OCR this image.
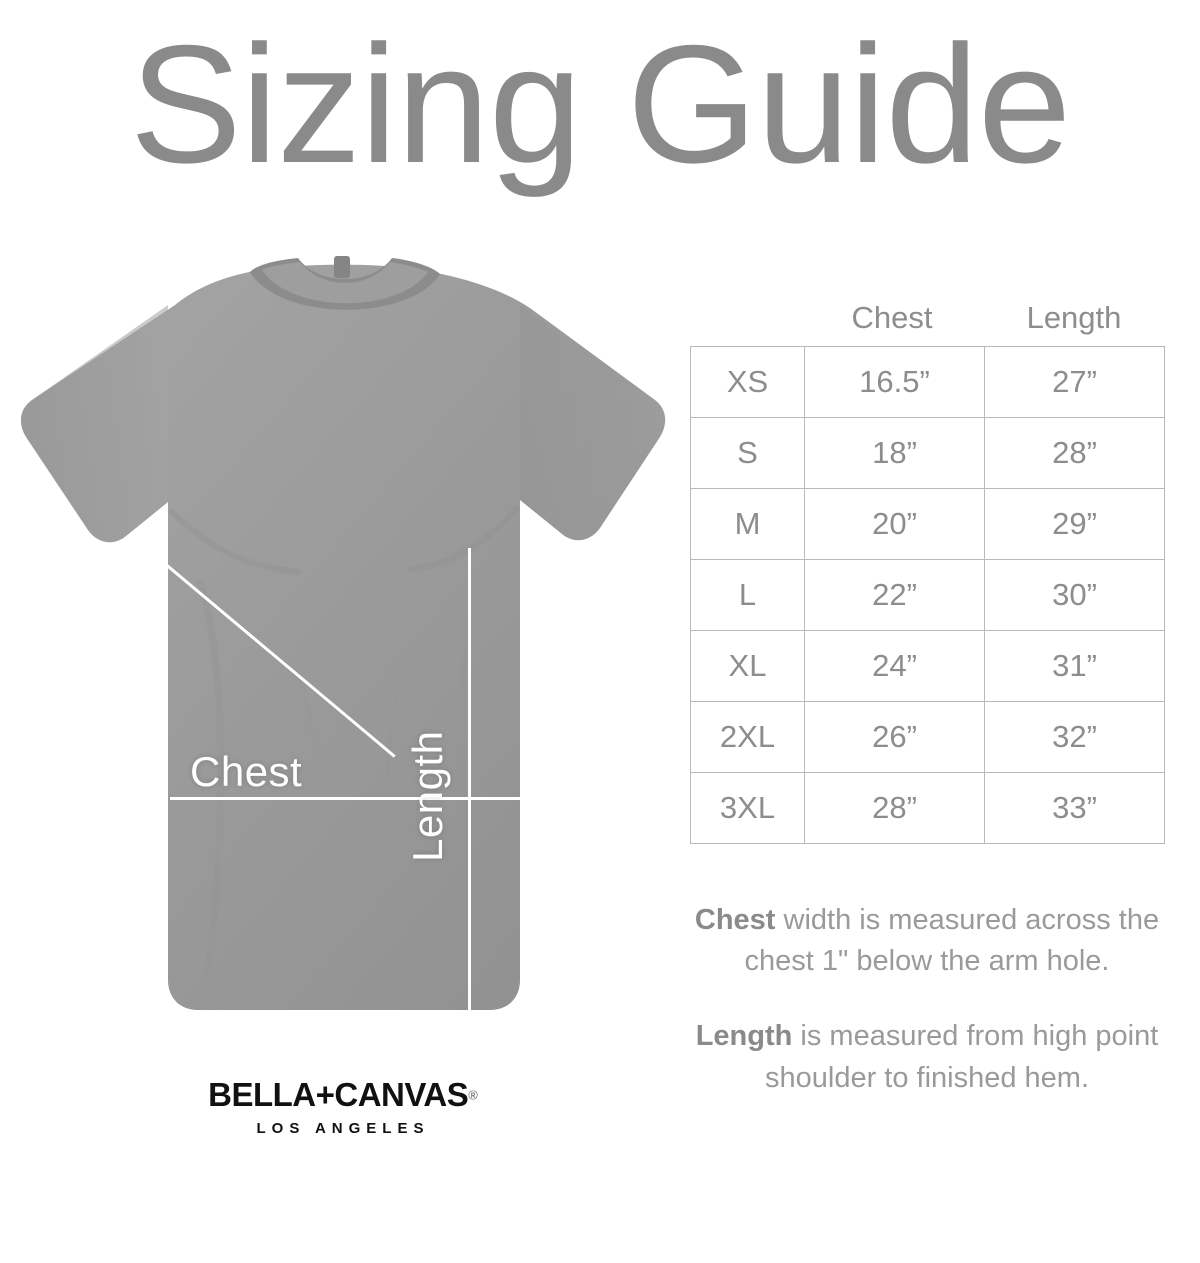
Sizing Guide
Chest Length
BELLA+CANVAS®
LOS ANGELES
Chest	Length
XS	16.5”	27”
S	18”	28”
M	20”	29”
L	22”	30”
XL	24”	31”
2XL	26”	32”
3XL	28”	33”
Chest width is measured across the chest 1" below the arm hole.
Length is measured from high point shoulder to finished hem.
